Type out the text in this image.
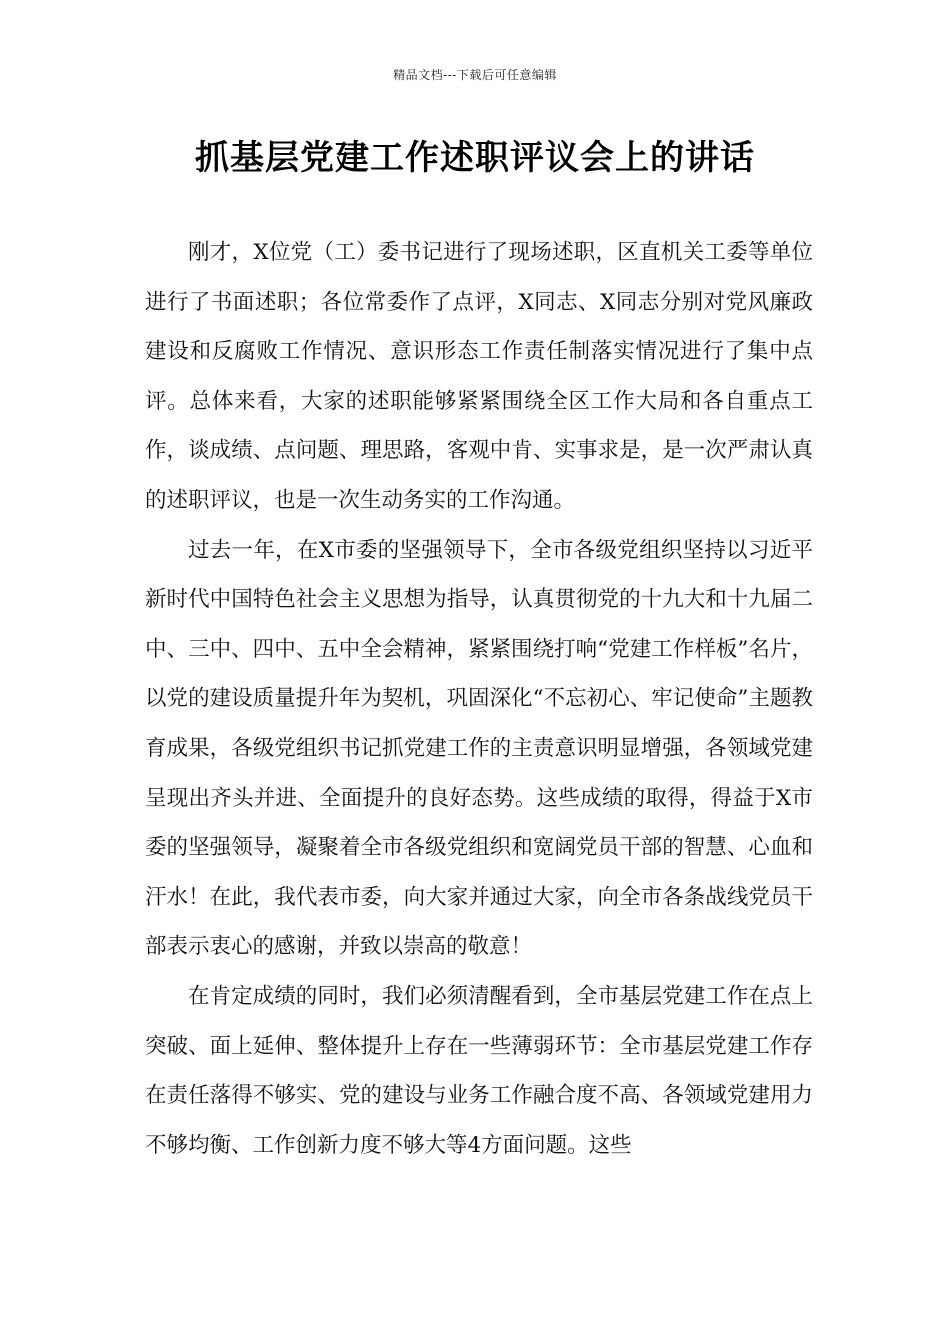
精品文档---下载后可任意编辑
抓基层党建工作述职评议会上的讲话

刚才，X位党（工）委书记进行了现场述职，区直机关工委等单位进行了书面述职；各位常委作了点评，X同志、X同志分别对党风廉政建设和反腐败工作情况、意识形态工作责任制落实情况进行了集中点评。总体来看，大家的述职能够紧紧围绕全区工作大局和各自重点工作，谈成绩、点问题、理思路，客观中肯、实事求是，是一次严肃认真的述职评议，也是一次生动务实的工作沟通。

过去一年，在X市委的坚强领导下，全市各级党组织坚持以习近平新时代中国特色社会主义思想为指导，认真贯彻党的十九大和十九届二中、三中、四中、五中全会精神，紧紧围绕打响“党建工作样板”名片，以党的建设质量提升年为契机，巩固深化“不忘初心、牢记使命”主题教育成果，各级党组织书记抓党建工作的主责意识明显增强，各领域党建呈现出齐头并进、全面提升的良好态势。这些成绩的取得，得益于X市委的坚强领导，凝聚着全市各级党组织和宽阔党员干部的智慧、心血和汗水！在此，我代表市委，向大家并通过大家，向全市各条战线党员干部表示衷心的感谢，并致以崇高的敬意！

在肯定成绩的同时，我们必须清醒看到，全市基层党建工作在点上突破、面上延伸、整体提升上存在一些薄弱环节：全市基层党建工作存在责任落得不够实、党的建设与业务工作融合度不高、各领域党建用力不够均衡、工作创新力度不够大等4方面问题。这些
